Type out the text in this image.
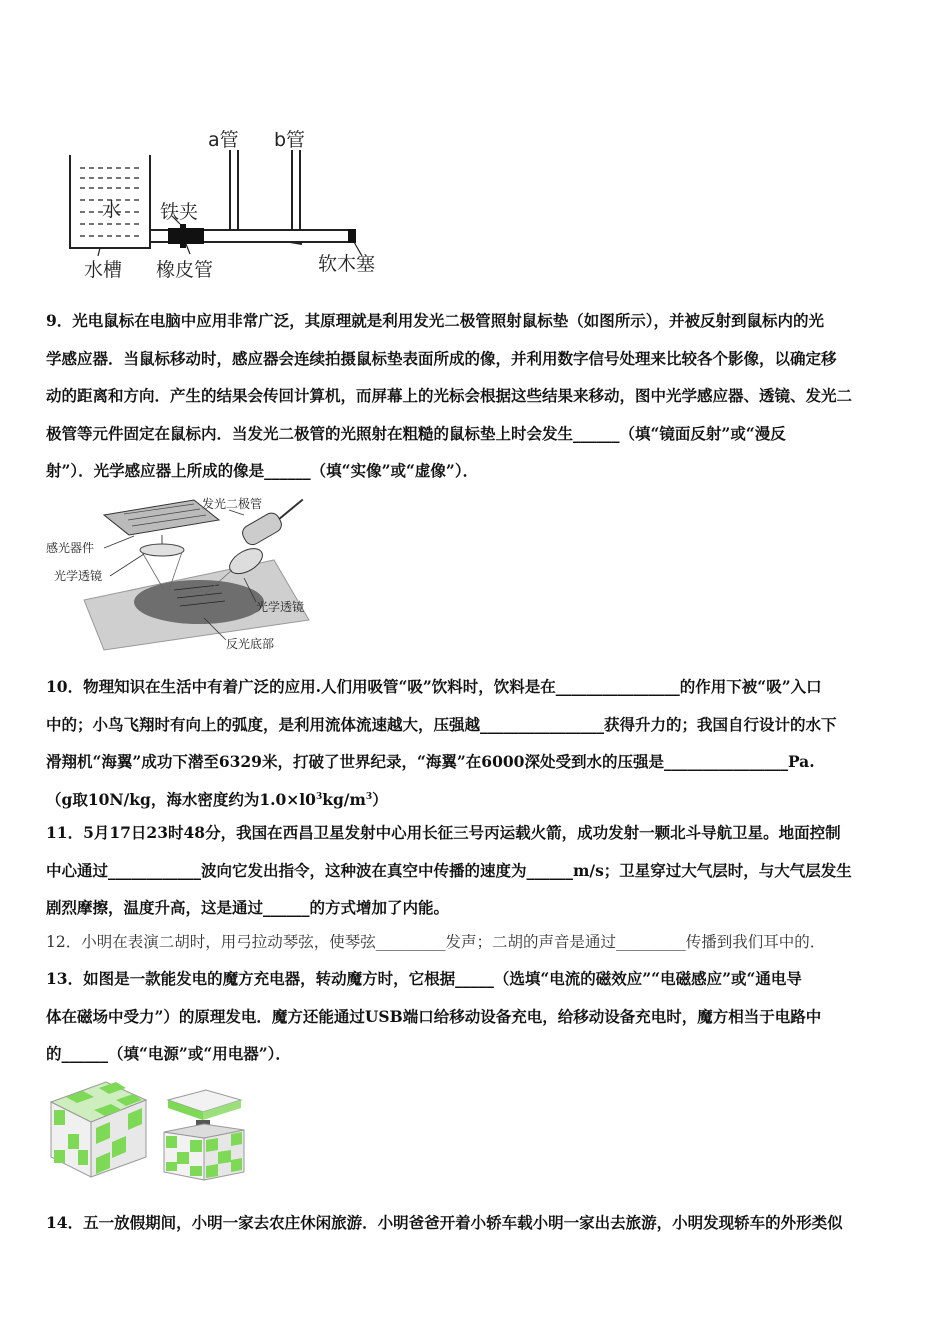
a管 b管
水 铁夹
水槽 橡皮管	软木塞

9．光电鼠标在电脑中应用非常广泛，其原理就是利用发光二极管照射鼠标垫（如图所示），并被反射到鼠标内的光

学感应器．当鼠标移动时，感应器会连续拍摄鼠标垫表面所成的像，并利用数字信号处理来比较各个影像，以确定移

动的距离和方向．产生的结果会传回计算机，而屏幕上的光标会根据这些结果来移动，图中光学感应器、透镜、发光二

极管等元件固定在鼠标内．当发光二极管的光照射在粗糙的鼠标垫上时会发生______（填“镜面反射”或“漫反

射”）．光学感应器上所成的像是______（填“实像”或“虚像”）．

发光二极管
感光器件
光学透镜
光学透镜
反光底部

10．物理知识在生活中有着广泛的应用.人们用吸管“吸”饮料时，饮料是在________________的作用下被“吸”入口

中的；小鸟飞翔时有向上的弧度，是利用流体流速越大，压强越________________获得升力的；我国自行设计的水下

滑翔机“海翼”成功下潜至6329米，打破了世界纪录，“海翼”在6000深处受到水的压强是________________Pa.

（g取10N/kg，海水密度约为$1.0\times l0^3kg/m^3$）

11．5月17日23时48分，我国在西昌卫星发射中心用长征三号丙运载火箭，成功发射一颗北斗导航卫星。地面控制

中心通过____________波向它发出指令，这种波在真空中传播的速度为______m/s；卫星穿过大气层时，与大气层发生

剧烈摩擦，温度升高，这是通过______的方式增加了内能。

12．小明在表演二胡时，用弓拉动琴弦，使琴弦_________发声；二胡的声音是通过_________传播到我们耳中的．

13．如图是一款能发电的魔方充电器，转动魔方时，它根据_____（选填“电流的磁效应”“电磁感应”或“通电导

体在磁场中受力”）的原理发电．魔方还能通过USB端口给移动设备充电，给移动设备充电时，魔方相当于电路中

的______（填“电源”或“用电器”）．

14．五一放假期间，小明一家去农庄休闲旅游．小明爸爸开着小轿车载小明一家出去旅游，小明发现轿车的外形类似
